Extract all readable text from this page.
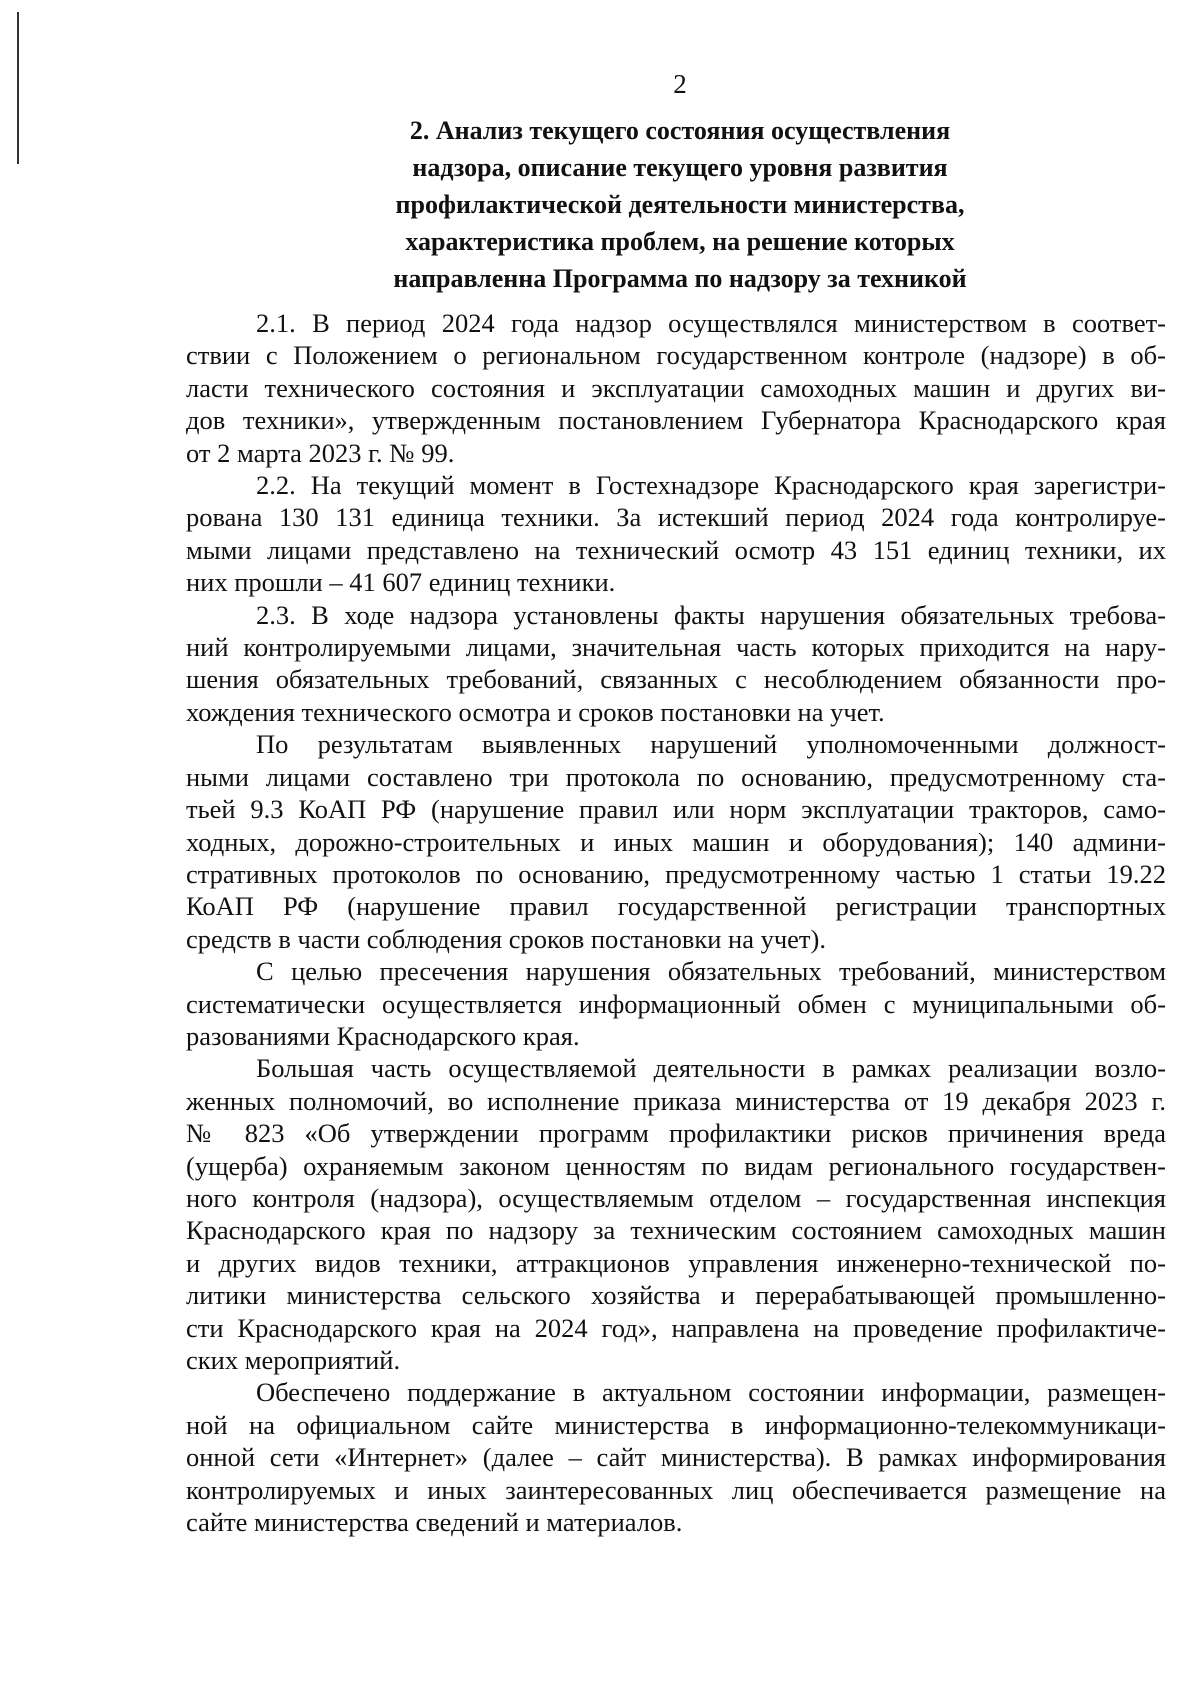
2
2. Анализ текущего состояния осуществления
надзора, описание текущего уровня развития
профилактической деятельности министерства,
характеристика проблем, на решение которых
направленна Программа по надзору за техникой
2.1. В период 2024 года надзор осуществлялся министерством в соответ-
ствии с Положением о региональном государственном контроле (надзоре) в об-
ласти технического состояния и эксплуатации самоходных машин и других ви-
дов техники», утвержденным постановлением Губернатора Краснодарского края
от 2 марта 2023 г. № 99.
2.2. На текущий момент в Гостехнадзоре Краснодарского края зарегистри-
рована 130 131 единица техники. За истекший период 2024 года контролируе-
мыми лицами представлено на технический осмотр 43 151 единиц техники, их
них прошли – 41 607 единиц техники.
2.3. В ходе надзора установлены факты нарушения обязательных требова-
ний контролируемыми лицами, значительная часть которых приходится на нару-
шения обязательных требований, связанных с несоблюдением обязанности про-
хождения технического осмотра и сроков постановки на учет.
По результатам выявленных нарушений уполномоченными должност-
ными лицами составлено три протокола по основанию, предусмотренному ста-
тьей 9.3 КоАП РФ (нарушение правил или норм эксплуатации тракторов, само-
ходных, дорожно-строительных и иных машин и оборудования); 140 админи-
стративных протоколов по основанию, предусмотренному частью 1 статьи 19.22
КоАП РФ (нарушение правил государственной регистрации транспортных
средств в части соблюдения сроков постановки на учет).
С целью пресечения нарушения обязательных требований, министерством
систематически осуществляется информационный обмен с муниципальными об-
разованиями Краснодарского края.
Большая часть осуществляемой деятельности в рамках реализации возло-
женных полномочий, во исполнение приказа министерства от 19 декабря 2023 г.
№ 823 «Об утверждении программ профилактики рисков причинения вреда
(ущерба) охраняемым законом ценностям по видам регионального государствен-
ного контроля (надзора), осуществляемым отделом – государственная инспекция
Краснодарского края по надзору за техническим состоянием самоходных машин
и других видов техники, аттракционов управления инженерно-технической по-
литики министерства сельского хозяйства и перерабатывающей промышленно-
сти Краснодарского края на 2024 год», направлена на проведение профилактиче-
ских мероприятий.
Обеспечено поддержание в актуальном состоянии информации, размещен-
ной на официальном сайте министерства в информационно-телекоммуникаци-
онной сети «Интернет» (далее – сайт министерства). В рамках информирования
контролируемых и иных заинтересованных лиц обеспечивается размещение на
сайте министерства сведений и материалов.
